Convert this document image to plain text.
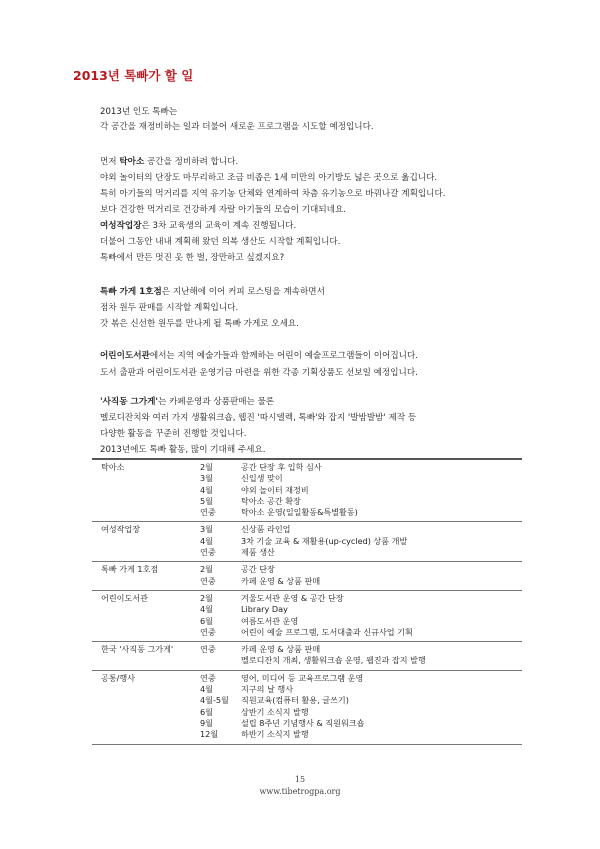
2013년 톡빠가 할 일
2013년 인도 톡빠는
각 공간을 재정비하는 일과 더불어 새로운 프로그램을 시도할 예정입니다.
먼저 탁아소 공간을 정비하려 합니다.
야외 놀이터의 단장도 마무리하고 조금 비좁은 1세 미만의 아기방도 넓은 곳으로 옮깁니다.
특히 아기들의 먹거리를 지역 유기농 단체와 연계하여 차츰 유기농으로 바꿔나갈 계획입니다.
보다 건강한 먹거리로 건강하게 자랄 아기들의 모습이 기대되네요.
여성작업장은 3차 교육생의 교육이 계속 진행됩니다.
더불어 그동안 내내 계획해 왔던 의복 생산도 시작할 계획입니다.
톡빠에서 만든 멋진 옷 한 벌, 장만하고 싶겠지요?
톡빠 가게 1호점은 지난해에 이어 커피 로스팅을 계속하면서
점차 원두 판매를 시작할 계획입니다.
갓 볶은 신선한 원두를 만나게 될 톡빠 가게로 오세요.
어린이도서관에서는 지역 예술가들과 함께하는 어린이 예술프로그램들이 이어집니다.
도서 출판과 어린이도서관 운영기금 마련을 위한 각종 기획상품도 선보일 예정입니다.
'사직동 그가게'는 카페운영과 상품판매는 물론
멜로디잔치와 여러 가지 생활워크숍, 웹진 '따시델렉, 톡빠'와 잡지 '발밤발밤' 제작 등
다양한 활동을 꾸준히 진행할 것입니다.
2013년에도 톡빠 활동, 많이 기대해 주세요.
탁아소	2월	공간 단장 후 입학 심사
3월	신입생 맞이
4월	야외 놀이터 재정비
5월	탁아소 공간 확장
연중	탁아소 운영(일일활동&특별활동)
여성작업장	3월	신상품 라인업
4월	3차 기술 교육 & 재활용(up-cycled) 상품 개발
연중	제품 생산
톡빠 가게 1호점	2월	공간 단장
연중	카페 운영 & 상품 판매
어린이도서관	2월	겨울도서관 운영 & 공간 단장
4월	Library Day
6월	여름도서관 운영
연중	어린이 예술 프로그램, 도서대출과 신규사업 기획
한국 '사직동 그가게'	연중	카페 운영 & 상품 판매
멜로디잔치 개최, 생활워크숍 운영, 웹진과 잡지 발행
공통/행사	연중	영어, 미디어 등 교육프로그램 운영
4월	지구의 날 행사
4월-5월 직원교육(컴퓨터 활용, 글쓰기)
6월	상반기 소식지 발행
9월	설립 8주년 기념행사 & 직원워크숍
12월	하반기 소식지 발행
15
www.tibetrogpa.org
